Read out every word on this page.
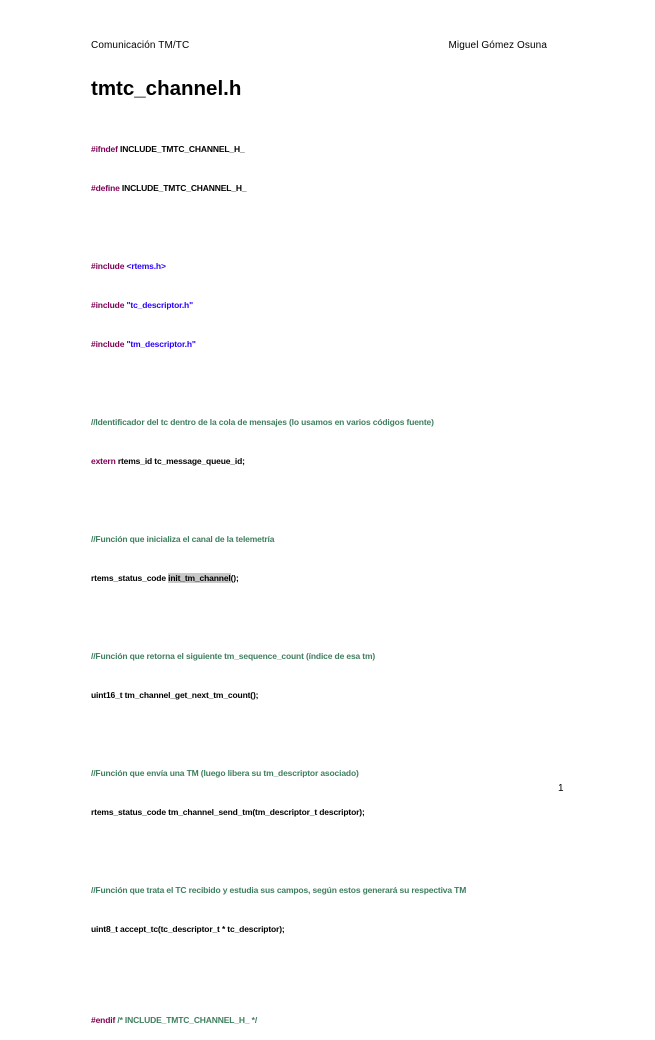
Comunicación TM/TC	Miguel Gómez Osuna
tmtc_channel.h

#ifndef INCLUDE_TMTC_CHANNEL_H_

#define INCLUDE_TMTC_CHANNEL_H_

#include <rtems.h>

#include "tc_descriptor.h"

#include "tm_descriptor.h"

//Identificador del tc dentro de la cola de mensajes (lo usamos en varios códigos fuente)

extern rtems_id tc_message_queue_id;

//Función que inicializa el canal de la telemetría

rtems_status_code init_tm_channel();

//Función que retorna el siguiente tm_sequence_count (índice de esa tm)

uint16_t tm_channel_get_next_tm_count();

//Función que envía una TM (luego libera su tm_descriptor asociado)

rtems_status_code tm_channel_send_tm(tm_descriptor_t descriptor);

//Función que trata el TC recibido y estudia sus campos, según estos generará su respectiva TM

uint8_t accept_tc(tc_descriptor_t * tc_descriptor);

#endif /* INCLUDE_TMTC_CHANNEL_H_ */

1
